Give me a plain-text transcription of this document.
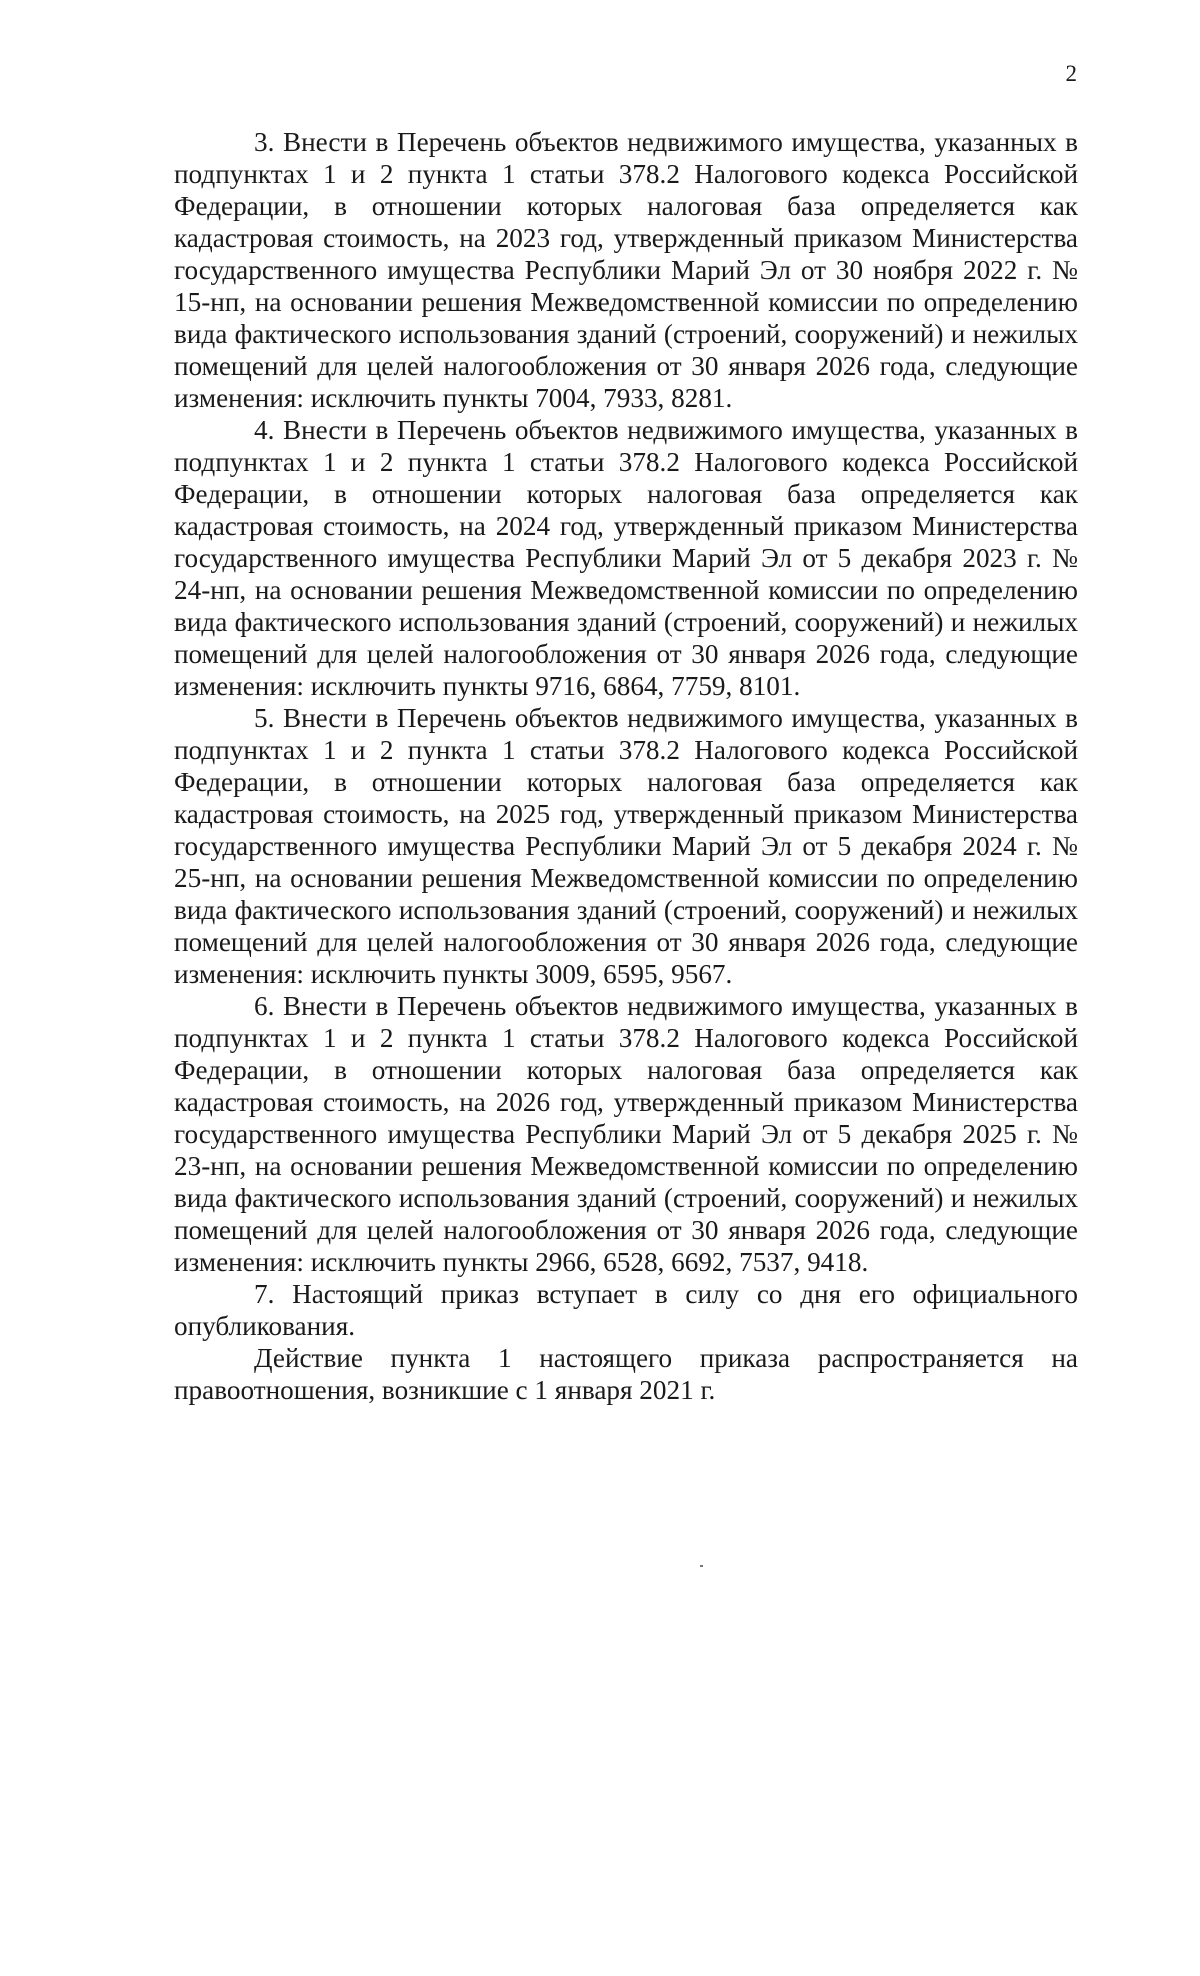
2

3. Внести в Перечень объектов недвижимого имущества, указанных в подпунктах 1 и 2 пункта 1 статьи 378.2 Налогового кодекса Российской Федерации, в отношении которых налоговая база определяется как кадастровая стоимость, на 2023 год, утвержденный приказом Министерства государственного имущества Республики Марий Эл от 30 ноября 2022 г. № 15-нп, на основании решения Межведомственной комиссии по определению вида фактического использования зданий (строений, сооружений) и нежилых помещений для целей налогообложения от 30 января 2026 года, следующие изменения: исключить пункты 7004, 7933, 8281.

4. Внести в Перечень объектов недвижимого имущества, указанных в подпунктах 1 и 2 пункта 1 статьи 378.2 Налогового кодекса Российской Федерации, в отношении которых налоговая база определяется как кадастровая стоимость, на 2024 год, утвержденный приказом Министерства государственного имущества Республики Марий Эл от 5 декабря 2023 г. № 24-нп, на основании решения Межведомственной комиссии по определению вида фактического использования зданий (строений, сооружений) и нежилых помещений для целей налогообложения от 30 января 2026 года, следующие изменения: исключить пункты 9716, 6864, 7759, 8101.

5. Внести в Перечень объектов недвижимого имущества, указанных в подпунктах 1 и 2 пункта 1 статьи 378.2 Налогового кодекса Российской Федерации, в отношении которых налоговая база определяется как кадастровая стоимость, на 2025 год, утвержденный приказом Министерства государственного имущества Республики Марий Эл от 5 декабря 2024 г. № 25-нп, на основании решения Межведомственной комиссии по определению вида фактического использования зданий (строений, сооружений) и нежилых помещений для целей налогообложения от 30 января 2026 года, следующие изменения: исключить пункты 3009, 6595, 9567.

6. Внести в Перечень объектов недвижимого имущества, указанных в подпунктах 1 и 2 пункта 1 статьи 378.2 Налогового кодекса Российской Федерации, в отношении которых налоговая база определяется как кадастровая стоимость, на 2026 год, утвержденный приказом Министерства государственного имущества Республики Марий Эл от 5 декабря 2025 г. № 23-нп, на основании решения Межведомственной комиссии по определению вида фактического использования зданий (строений, сооружений) и нежилых помещений для целей налогообложения от 30 января 2026 года, следующие изменения: исключить пункты 2966, 6528, 6692, 7537, 9418.

7. Настоящий приказ вступает в силу со дня его официального опубликования.

Действие пункта 1 настоящего приказа распространяется на правоотношения, возникшие с 1 января 2021 г.
